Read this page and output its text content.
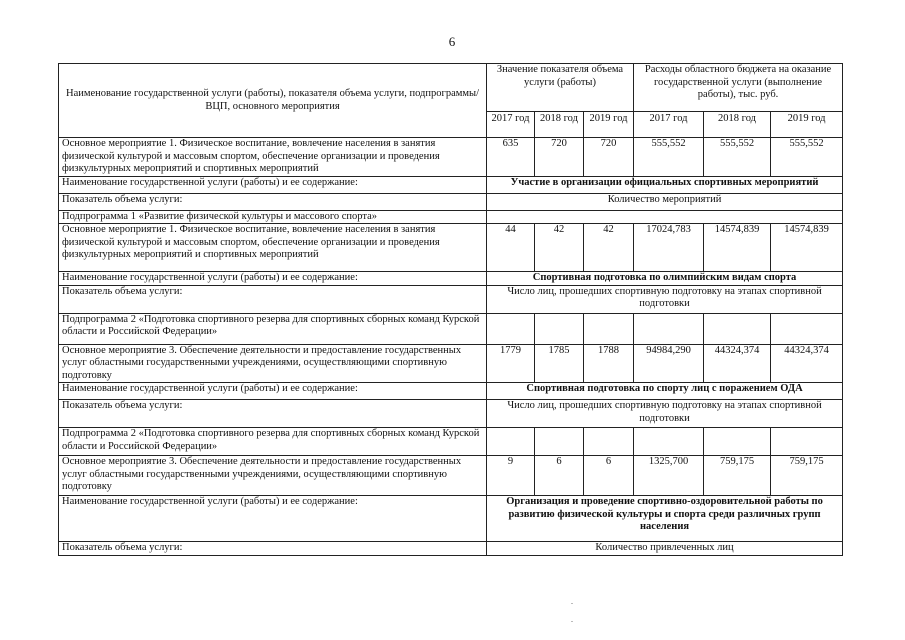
6
Наименование государственной услуги (работы), показателя объема услуги, подпрограммы/ВЦП, основного мероприятия	Значение показателя объема услуги (работы)			Расходы областного бюджета на оказание государственной услуги (выполнение работы), тыс. руб.		
	2017 год	2018 год	2019 год	2017 год	2018 год	2019 год
Основное мероприятие 1. Физическое воспитание, вовлечение населения в занятия физической культурой и массовым спортом, обеспечение организации и проведения физкультурных мероприятий и спортивных мероприятий	635	720	720	555,552	555,552	555,552
Наименование государственной услуги (работы) и ее содержание:	Участие в организации официальных спортивных мероприятий					
Показатель объема услуги:	Количество мероприятий					
Подпрограмма 1 «Развитие физической культуры и массового спорта»						
Основное мероприятие 1. Физическое воспитание, вовлечение населения в занятия физической культурой и массовым спортом, обеспечение организации и проведения физкультурных мероприятий и спортивных мероприятий	44	42	42	17024,783	14574,839	14574,839
Наименование государственной услуги (работы) и ее содержание:	Спортивная подготовка по олимпийским видам спорта					
Показатель объема услуги:	Число лиц, прошедших спортивную подготовку на этапах спортивной подготовки					
Подпрограмма 2 «Подготовка спортивного резерва для спортивных сборных команд Курской области и Российской Федерации»						
Основное мероприятие 3. Обеспечение деятельности и предоставление государственных услуг областными государственными учреждениями, осуществляющими спортивную подготовку	1779	1785	1788	94984,290	44324,374	44324,374
Наименование государственной услуги (работы) и ее содержание:	Спортивная подготовка по спорту лиц с поражением ОДА					
Показатель объема услуги:	Число лиц, прошедших спортивную подготовку на этапах спортивной подготовки					
Подпрограмма 2 «Подготовка спортивного резерва для спортивных сборных команд Курской области и Российской Федерации»						
Основное мероприятие 3. Обеспечение деятельности и предоставление государственных услуг областными государственными учреждениями, осуществляющими спортивную подготовку	9	6	6	1325,700	759,175	759,175
Наименование государственной услуги (работы) и ее содержание:	Организация и проведение спортивно-оздоровительной работы по развитию физической культуры и спорта среди различных групп населения					
Показатель объема услуги:	Количество привлеченных лиц					
